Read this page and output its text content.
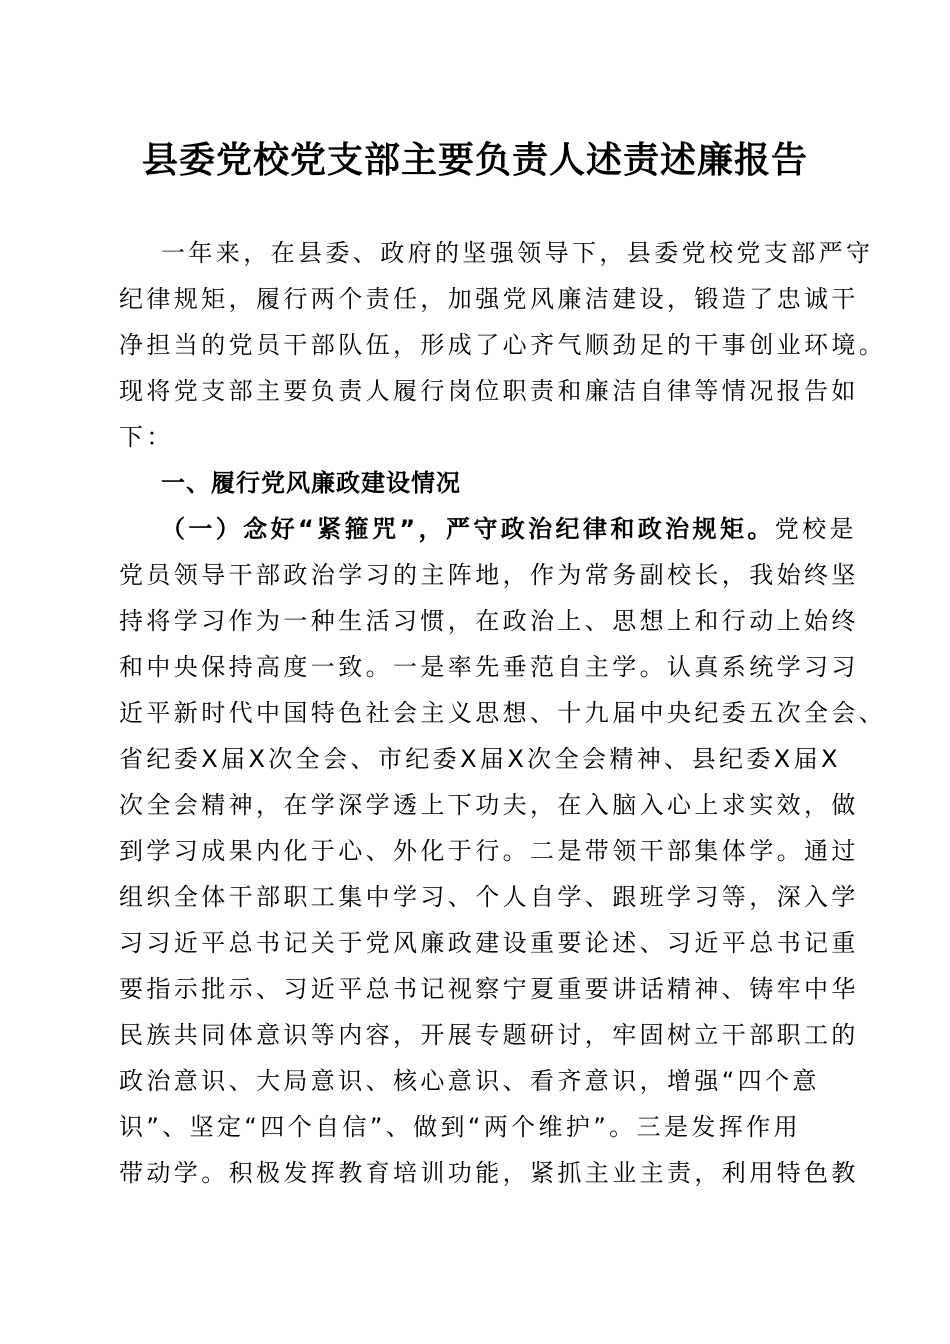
县委党校党支部主要负责人述责述廉报告
一年来，在县委、政府的坚强领导下，县委党校党支部严守
纪律规矩，履行两个责任，加强党风廉洁建设，锻造了忠诚干
净担当的党员干部队伍，形成了心齐气顺劲足的干事创业环境。
现将党支部主要负责人履行岗位职责和廉洁自律等情况报告如
下：
一、履行党风廉政建设情况
（一）念好“紧箍咒”，严守政治纪律和政治规矩。党校是
党员领导干部政治学习的主阵地，作为常务副校长，我始终坚
持将学习作为一种生活习惯，在政治上、思想上和行动上始终
和中央保持高度一致。一是率先垂范自主学。认真系统学习习
近平新时代中国特色社会主义思想、十九届中央纪委五次全会、
省纪委X届X次全会、市纪委X届X次全会精神、县纪委X届X
次全会精神，在学深学透上下功夫，在入脑入心上求实效，做
到学习成果内化于心、外化于行。二是带领干部集体学。通过
组织全体干部职工集中学习、个人自学、跟班学习等，深入学
习习近平总书记关于党风廉政建设重要论述、习近平总书记重
要指示批示、习近平总书记视察宁夏重要讲话精神、铸牢中华
民族共同体意识等内容，开展专题研讨，牢固树立干部职工的
政治意识、大局意识、核心意识、看齐意识，增强“四个意
识”、坚定“四个自信”、做到“两个维护”。三是发挥作用
带动学。积极发挥教育培训功能，紧抓主业主责，利用特色教
